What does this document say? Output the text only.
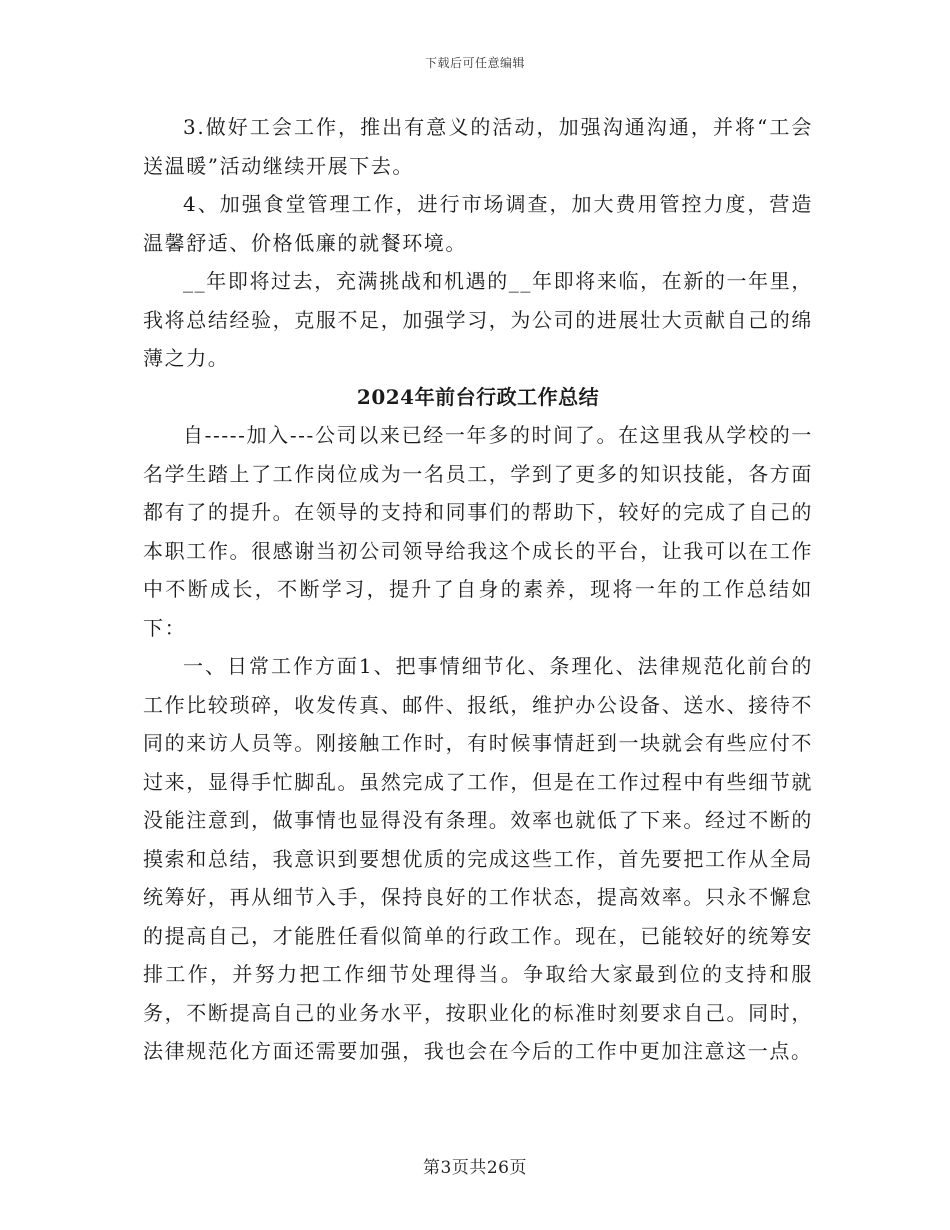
下载后可任意编辑

3.做好工会工作，推出有意义的活动，加强沟通沟通，并将“工会送温暖”活动继续开展下去。

4、加强食堂管理工作，进行市场调查，加大费用管控力度，营造温馨舒适、价格低廉的就餐环境。

__年即将过去，充满挑战和机遇的__年即将来临，在新的一年里，我将总结经验，克服不足，加强学习，为公司的进展壮大贡献自己的绵薄之力。

2024年前台行政工作总结

自-----加入---公司以来已经一年多的时间了。在这里我从学校的一名学生踏上了工作岗位成为一名员工，学到了更多的知识技能，各方面都有了的提升。在领导的支持和同事们的帮助下，较好的完成了自己的本职工作。很感谢当初公司领导给我这个成长的平台，让我可以在工作中不断成长，不断学习，提升了自身的素养，现将一年的工作总结如下：

一、日常工作方面1、把事情细节化、条理化、法律规范化前台的工作比较琐碎，收发传真、邮件、报纸，维护办公设备、送水、接待不同的来访人员等。刚接触工作时，有时候事情赶到一块就会有些应付不过来，显得手忙脚乱。虽然完成了工作，但是在工作过程中有些细节就没能注意到，做事情也显得没有条理。效率也就低了下来。经过不断的摸索和总结，我意识到要想优质的完成这些工作，首先要把工作从全局统筹好，再从细节入手，保持良好的工作状态，提高效率。只永不懈怠的提高自己，才能胜任看似简单的行政工作。现在，已能较好的统筹安排工作，并努力把工作细节处理得当。争取给大家最到位的支持和服务，不断提高自己的业务水平，按职业化的标准时刻要求自己。同时，法律规范化方面还需要加强，我也会在今后的工作中更加注意这一点。

第3页共26页
